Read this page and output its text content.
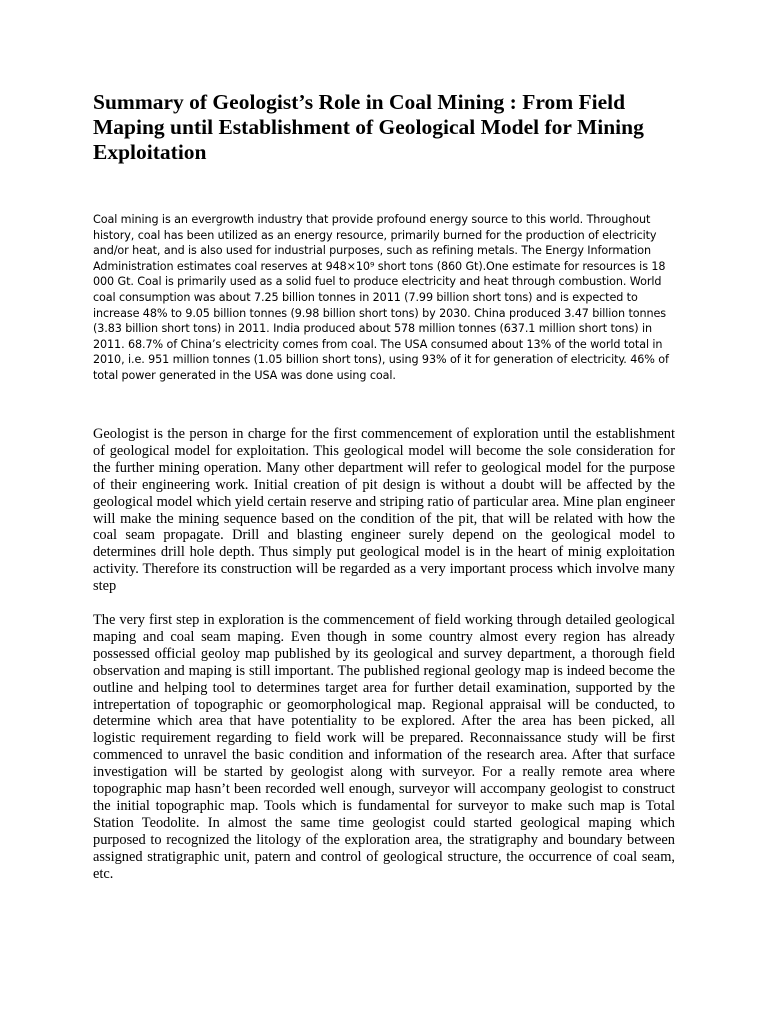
Summary of Geologist’s Role in Coal Mining : From Field Maping until Establishment of Geological Model for Mining Exploitation

Coal mining is an evergrowth industry that provide profound energy source to this world. Throughout history, coal has been utilized as an energy resource, primarily burned for the production of electricity and/or heat, and is also used for industrial purposes, such as refining metals. The Energy Information Administration estimates coal reserves at 948×10⁹ short tons (860 Gt).One estimate for resources is 18 000 Gt. Coal is primarily used as a solid fuel to produce electricity and heat through combustion. World coal consumption was about 7.25 billion tonnes in 2011 (7.99 billion short tons) and is expected to increase 48% to 9.05 billion tonnes (9.98 billion short tons) by 2030. China produced 3.47 billion tonnes (3.83 billion short tons) in 2011. India produced about 578 million tonnes (637.1 million short tons) in 2011. 68.7% of China’s electricity comes from coal. The USA consumed about 13% of the world total in 2010, i.e. 951 million tonnes (1.05 billion short tons), using 93% of it for generation of electricity. 46% of total power generated in the USA was done using coal.

Geologist is the person in charge for the first commencement of exploration until the establishment of geological model for exploitation. This geological model will become the sole consideration for the further mining operation. Many other department will refer to geological model for the purpose of their engineering work. Initial creation of pit design is without a doubt will be affected by the geological model which yield certain reserve and striping ratio of particular area. Mine plan engineer will make the mining sequence based on the condition of the pit, that will be related with how the coal seam propagate. Drill and blasting engineer surely depend on the geological model to determines drill hole depth. Thus simply put geological model is in the heart of minig exploitation activity. Therefore its construction will be regarded as a very important process which involve many step

The very first step in exploration is the commencement of field working through detailed geological maping and coal seam maping. Even though in some country almost every region has already possessed official geoloy map published by its geological and survey department, a thorough field observation and maping is still important. The published regional geology map is indeed become the outline and helping tool to determines target area for further detail examination, supported by the intrepertation of topographic or geomorphological map. Regional appraisal will be conducted, to determine which area that have potentiality to be explored. After the area has been picked, all logistic requirement regarding to field work will be prepared. Reconnaissance study will be first commenced to unravel the basic condition and information of the research area. After that surface investigation will be started by geologist along with surveyor. For a really remote area where topographic map hasn’t been recorded well enough, surveyor will accompany geologist to construct the initial topographic map. Tools which is fundamental for surveyor to make such map is Total Station Teodolite. In almost the same time geologist could started geological maping which purposed to recognized the litology of the exploration area, the stratigraphy and boundary between assigned stratigraphic unit, patern and control of geological structure, the occurrence of coal seam, etc.
